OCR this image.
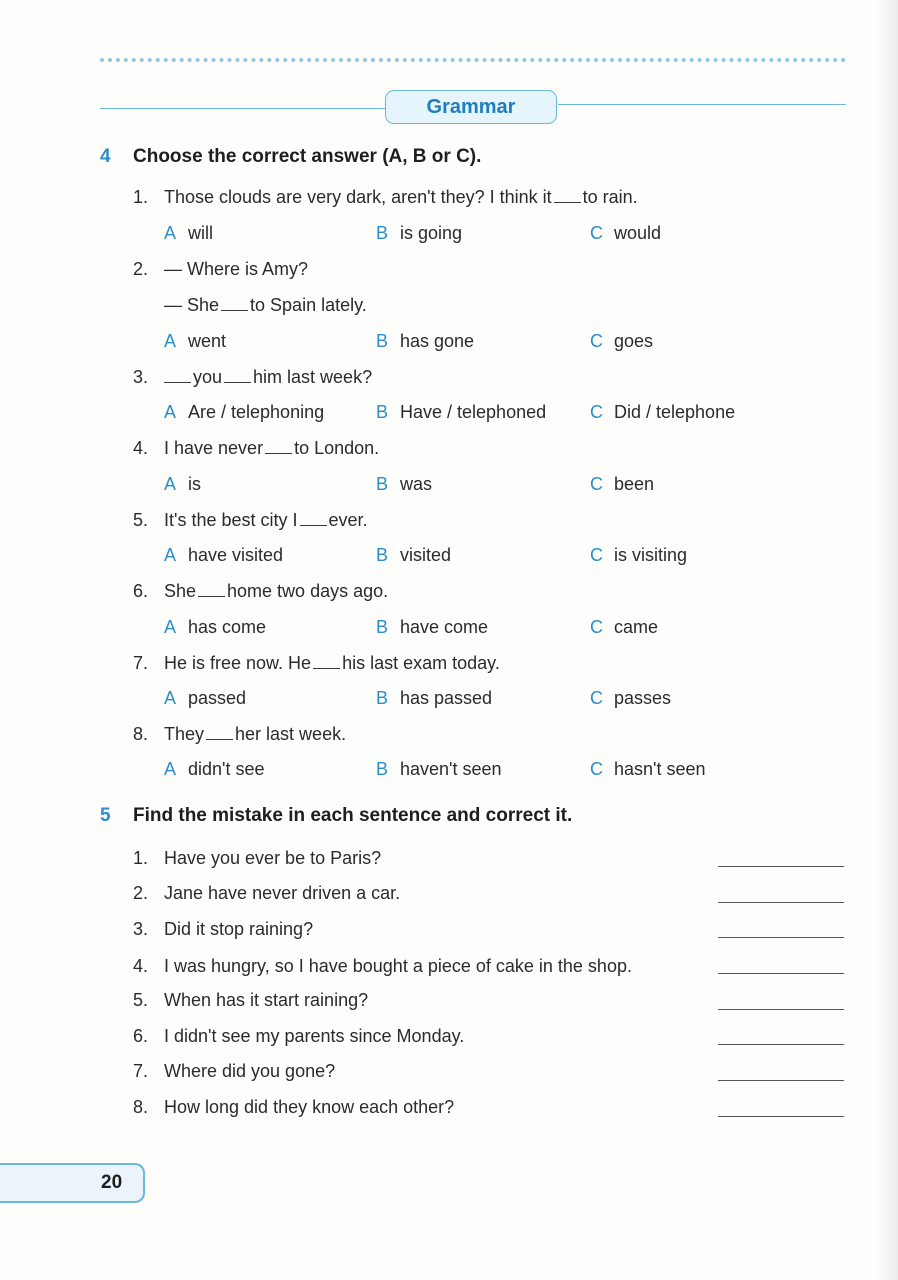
Grammar
4 Choose the correct answer (A, B or C).
1. Those clouds are very dark, aren't they? I think it to rain.
A will	B is going	C would
2. — Where is Amy?
— She to Spain lately.
A went	B has gone	C goes
3. you him last week?
A Are / telephoning	B Have / telephoned C Did / telephone
4. I have never to London.
A is	B was	C been
5. It's the best city I ever.
A have visited	B visited	C is visiting
6. She home two days ago.
A has come	B have come	C came
7. He is free now. He his last exam today.
A passed	B has passed	C passes
8. They her last week.
A didn't see	B haven't seen	C hasn't seen
5 Find the mistake in each sentence and correct it.
1. Have you ever be to Paris?
2. Jane have never driven a car.
3. Did it stop raining?
4. I was hungry, so I have bought a piece of cake in the shop.
5. When has it start raining?
6. I didn't see my parents since Monday.
7. Where did you gone?
8. How long did they know each other?
20
